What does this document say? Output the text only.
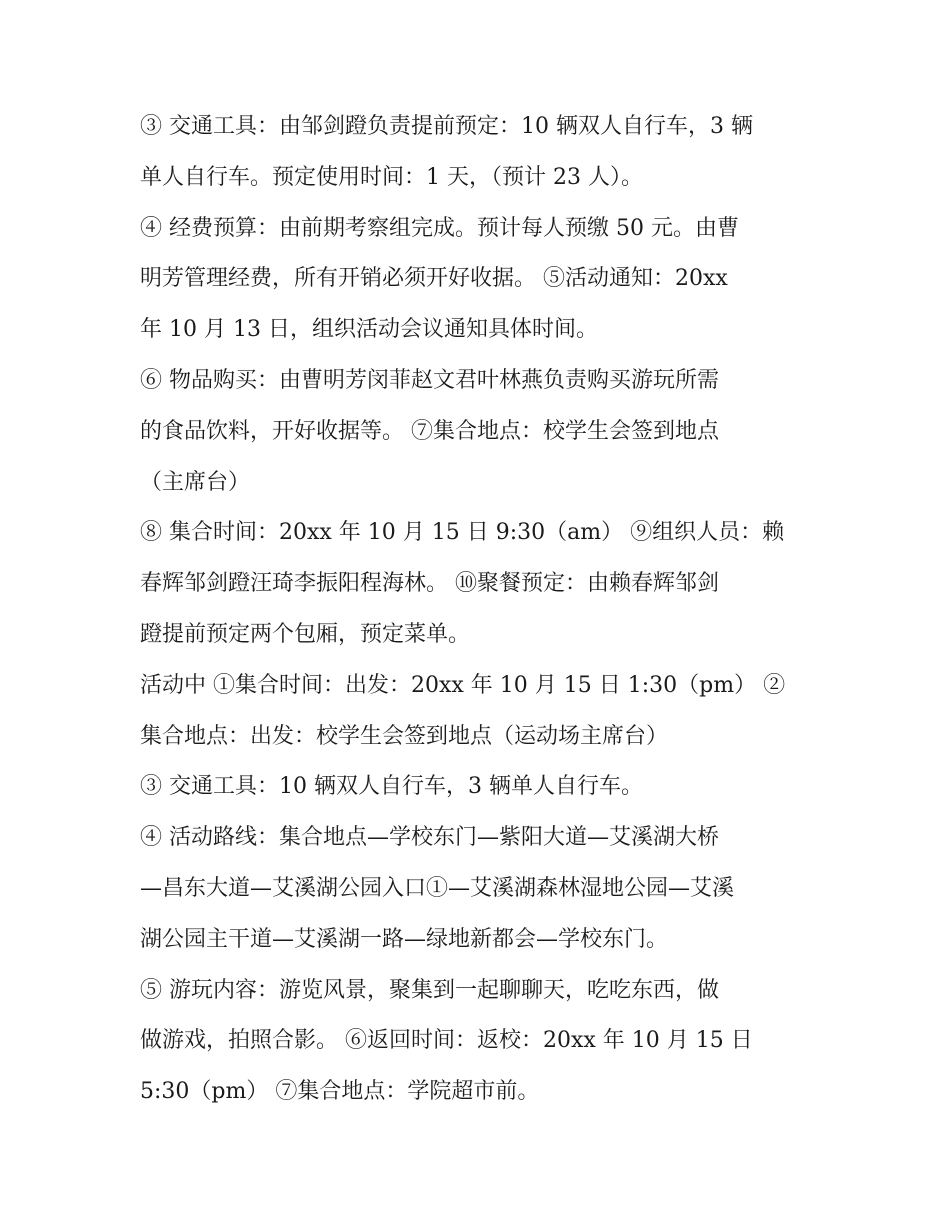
③ 交通工具：由邹剑蹬负责提前预定：10 辆双人自行车，3 辆
单人自行车。预定使用时间：1 天，（预计 23 人）。
④ 经费预算：由前期考察组完成。预计每人预缴 50 元。由曹
明芳管理经费，所有开销必须开好收据。 ⑤活动通知：20xx
年 10 月 13 日，组织活动会议通知具体时间。
⑥ 物品购买：由曹明芳闵菲赵文君叶林燕负责购买游玩所需
的食品饮料，开好收据等。 ⑦集合地点：校学生会签到地点
（主席台）
⑧ 集合时间：20xx 年 10 月 15 日 9:30（am） ⑨组织人员：赖
春辉邹剑蹬汪琦李振阳程海林。 ⑩聚餐预定：由赖春辉邹剑
蹬提前预定两个包厢，预定菜单。
活动中 ①集合时间：出发：20xx 年 10 月 15 日 1:30（pm） ②
集合地点：出发：校学生会签到地点（运动场主席台）
③ 交通工具：10 辆双人自行车，3 辆单人自行车。
④ 活动路线：集合地点—学校东门—紫阳大道—艾溪湖大桥
—昌东大道—艾溪湖公园入口①—艾溪湖森林湿地公园—艾溪
湖公园主干道—艾溪湖一路—绿地新都会—学校东门。
⑤ 游玩内容：游览风景，聚集到一起聊聊天，吃吃东西，做
做游戏，拍照合影。 ⑥返回时间：返校：20xx 年 10 月 15 日
5:30（pm） ⑦集合地点：学院超市前。
